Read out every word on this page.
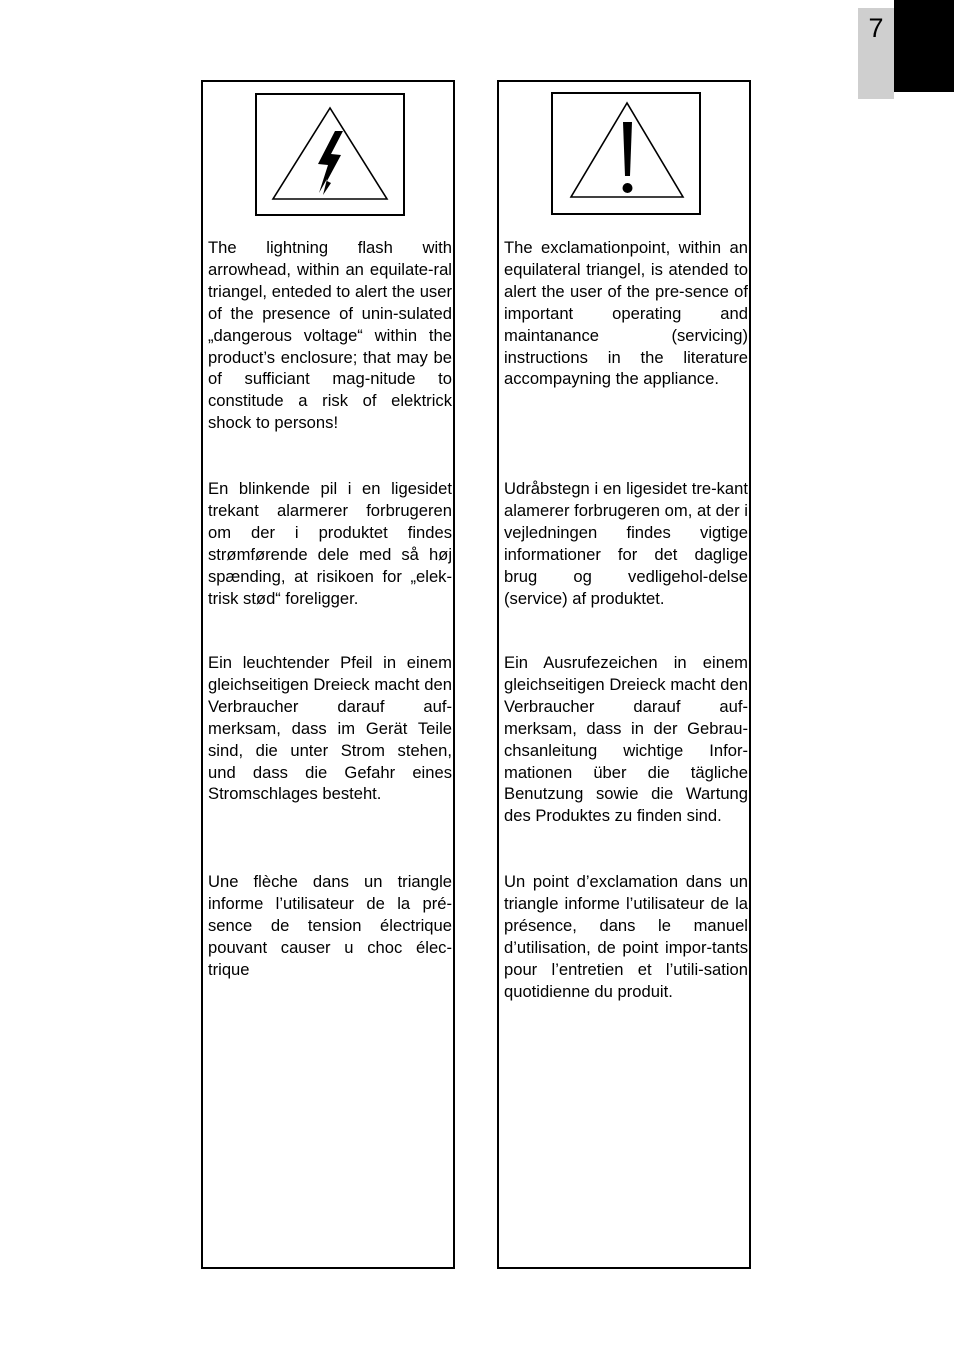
7

The lightning flash with arrowhead, within an equilate-ral triangel, enteded to alert the user of the presence of unin-sulated „dangerous voltage“ within the product’s enclosure; that may be of sufficiant mag-nitude to constitude a risk of elektrick shock to persons!

En blinkende pil i en ligesidet trekant alarmerer forbrugeren om der i produktet findes strømførende dele med så høj spænding, at risikoen for „elek-trisk stød“ foreligger.

Ein leuchtender Pfeil in einem gleichseitigen Dreieck macht den Verbraucher darauf auf-merksam, dass im Gerät Teile sind, die unter Strom stehen, und dass die Gefahr eines Stromschlages besteht.

Une flèche dans un triangle informe l’utilisateur de la pré-sence de tension électrique pouvant causer u choc élec-trique

The exclamationpoint, within an equilateral triangel, is atended to alert the user of the pre-sence of important operating and maintanance (servicing) instructions in the literature accompayning the appliance.

Udråbstegn i en ligesidet tre-kant alamerer forbrugeren om, at der i vejledningen findes vigtige informationer for det daglige brug og vedligehol-delse (service) af produktet.

Ein Ausrufezeichen in einem gleichseitigen Dreieck macht den Verbraucher darauf auf-merksam, dass in der Gebrau-chsanleitung wichtige Infor-mationen über die tägliche Benutzung sowie die Wartung des Produktes zu finden sind.

Un point d’exclamation dans un triangle informe l’utilisateur de la présence, dans le manuel d’utilisation, de point impor-tants pour l’entretien et l’utili-sation quotidienne du produit.
